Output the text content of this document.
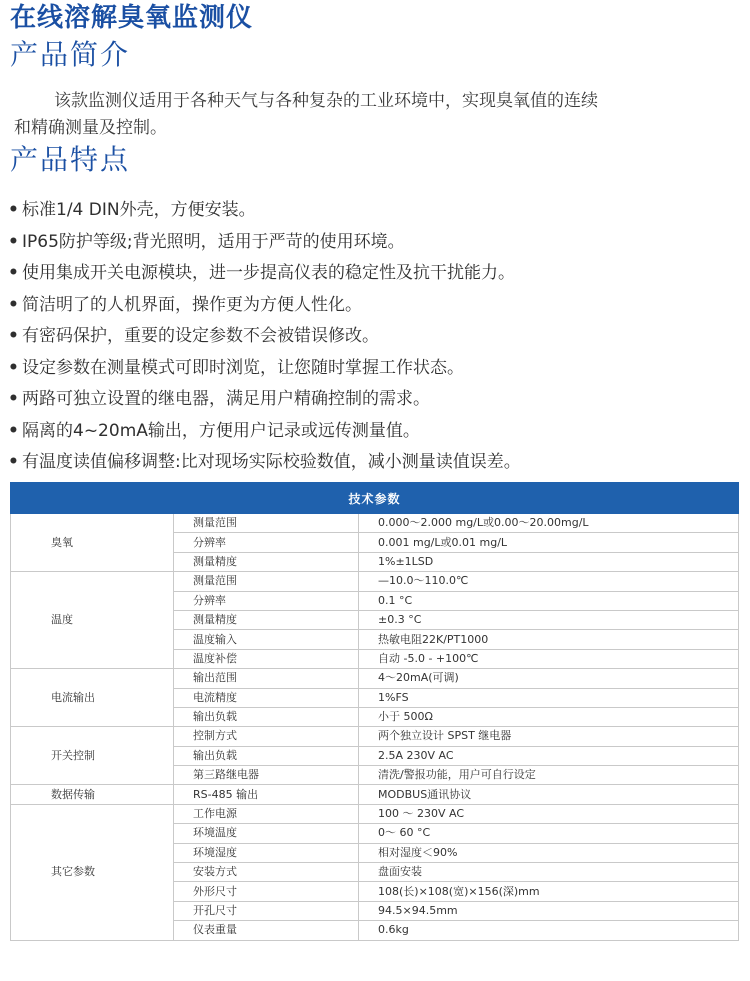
在线溶解臭氧监测仪
产品简介

该款监测仪适用于各种天气与各种复杂的工业环境中，实现臭氧值的连续和精确测量及控制。

产品特点
• 标准1/4 DIN外壳，方便安装。
• IP65防护等级;背光照明，适用于严苛的使用环境。
• 使用集成开关电源模块，进一步提高仪表的稳定性及抗干扰能力。
• 简洁明了的人机界面，操作更为方便人性化。
• 有密码保护，重要的设定参数不会被错误修改。
• 设定参数在测量模式可即时浏览，让您随时掌握工作状态。
• 两路可独立设置的继电器，满足用户精确控制的需求。
• 隔离的4~20mA输出，方便用户记录或远传测量值。
• 有温度读值偏移调整:比对现场实际校验数值，减小测量读值误差。
技术参数		
臭氧	测量范围	0.000～2.000 mg/L或0.00～20.00mg/L
	分辨率	0.001 mg/L或0.01 mg/L
	测量精度	1%±1LSD
温度	测量范围	—10.0～110.0℃
	分辨率	0.1 °C
	测量精度	±0.3 °C
	温度输入	热敏电阻22K/PT1000
	温度补偿	自动 -5.0 - +100℃
电流输出	输出范围	4～20mA(可调)
	电流精度	1%FS
	输出负载	小于 500Ω
开关控制	控制方式	两个独立设计 SPST 继电器
	输出负载	2.5A 230V AC
	第三路继电器	清洗/警报功能，用户可自行设定
数据传输	RS-485 输出	MODBUS通讯协议
其它参数	工作电源	100 ～ 230V AC
	环境温度	0～ 60 °C
	环境湿度	相对湿度＜90%
	安装方式	盘面安装
	外形尺寸	108(长)×108(宽)×156(深)mm
	开孔尺寸	94.5×94.5mm
	仪表重量	0.6kg
